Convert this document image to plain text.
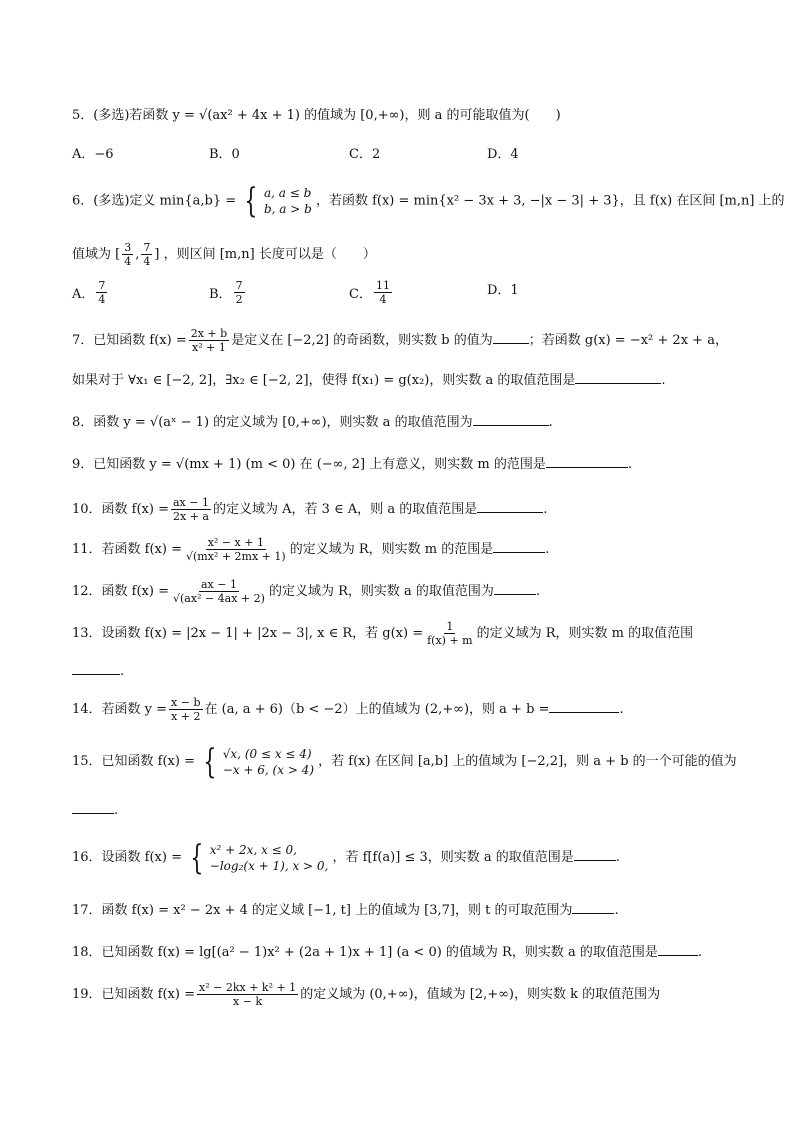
5．(多选)若函数 y = √(ax² + 4x + 1) 的值域为 [0,+∞)，则 a 的可能取值为(　　)
A．−6	B．0	C．2	D．4
6．(多选)定义 min{a,b} = { a, a ≤ b
b, a > b
，若函数 f(x) = min{x² − 3x + 3, −|x − 3| + 3}，且 f(x) 在区间 [m,n] 上的
值域为 [ $\frac{3}{4}$ , $\frac{7}{4}$ ] ，则区间 [m,n] 长度可以是（　　）
A． $\frac{7}{4}$	B． $\frac{7}{2}$	C． $\frac{11}{4}$	D．1
7．已知函数 $f(x) = \frac{2x + b}{\text{x² + 1}}$ 是定义在 [−2,2] 的奇函数，则实数 b 的值为	；若函数 g(x) = −x² + 2x + a，
如果对于 ∀x₁ ∈ [−2, 2]，∃x₂ ∈ [−2, 2]，使得 f(x₁) = g(x₂)，则实数 a 的取值范围是	.
8．函数 y = √(aˣ − 1) 的定义域为 [0,+∞)，则实数 a 的取值范围为	.
9．已知函数 y = √(mx + 1) (m < 0) 在 (−∞, 2] 上有意义，则实数 m 的范围是	.
10．函数 $f(x) = \frac{ax - 1}{2x + a}$ 的定义域为 A，若 3 ∈ A，则 a 的取值范围是	.
11．若函数 $f(x) = \frac{\text{x² − x + 1}}{\text{√(mx² + 2mx + 1)}}$ 的定义域为 R，则实数 m 的范围是	.
12．函数 $f(x) = \frac{ax - 1}{\text{√(ax² − 4ax + 2)}}$ 的定义域为 R，则实数 a 的取值范围为	.
13．设函数 f(x) = |2x − 1| + |2x − 3|, x ∈ R，若 $g(x) = \frac{1}{f(x) + m}$ 的定义域为 R，则实数 m 的取值范围
.
14．若函数 $y = \frac{x - b}{x + 2}$ 在 (a, a + 6)（b < −2）上的值域为 (2,+∞)，则 a + b =	.
15．已知函数 f(x) = { √x, (0 ≤ x ≤ 4)
−x + 6, (x > 4)
，若 f(x) 在区间 [a,b] 上的值域为 [−2,2]，则 a + b 的一个可能的值为
.
16．设函数 f(x) = { x² + 2x, x ≤ 0,
−log₂(x + 1), x > 0,
，若 f[f(a)] ≤ 3，则实数 a 的取值范围是	.
17．函数 f(x) = x² − 2x + 4 的定义域 [−1, t] 上的值域为 [3,7]，则 t 的可取范围为	.
18．已知函数 f(x) = lg[(a² − 1)x² + (2a + 1)x + 1] (a < 0) 的值域为 R，则实数 a 的取值范围是	.
19．已知函数 $f(x) = \frac{\text{x² − 2kx + k² + 1}}{x - k}$ 的定义域为 (0,+∞)，值域为 [2,+∞)，则实数 k 的取值范围为
